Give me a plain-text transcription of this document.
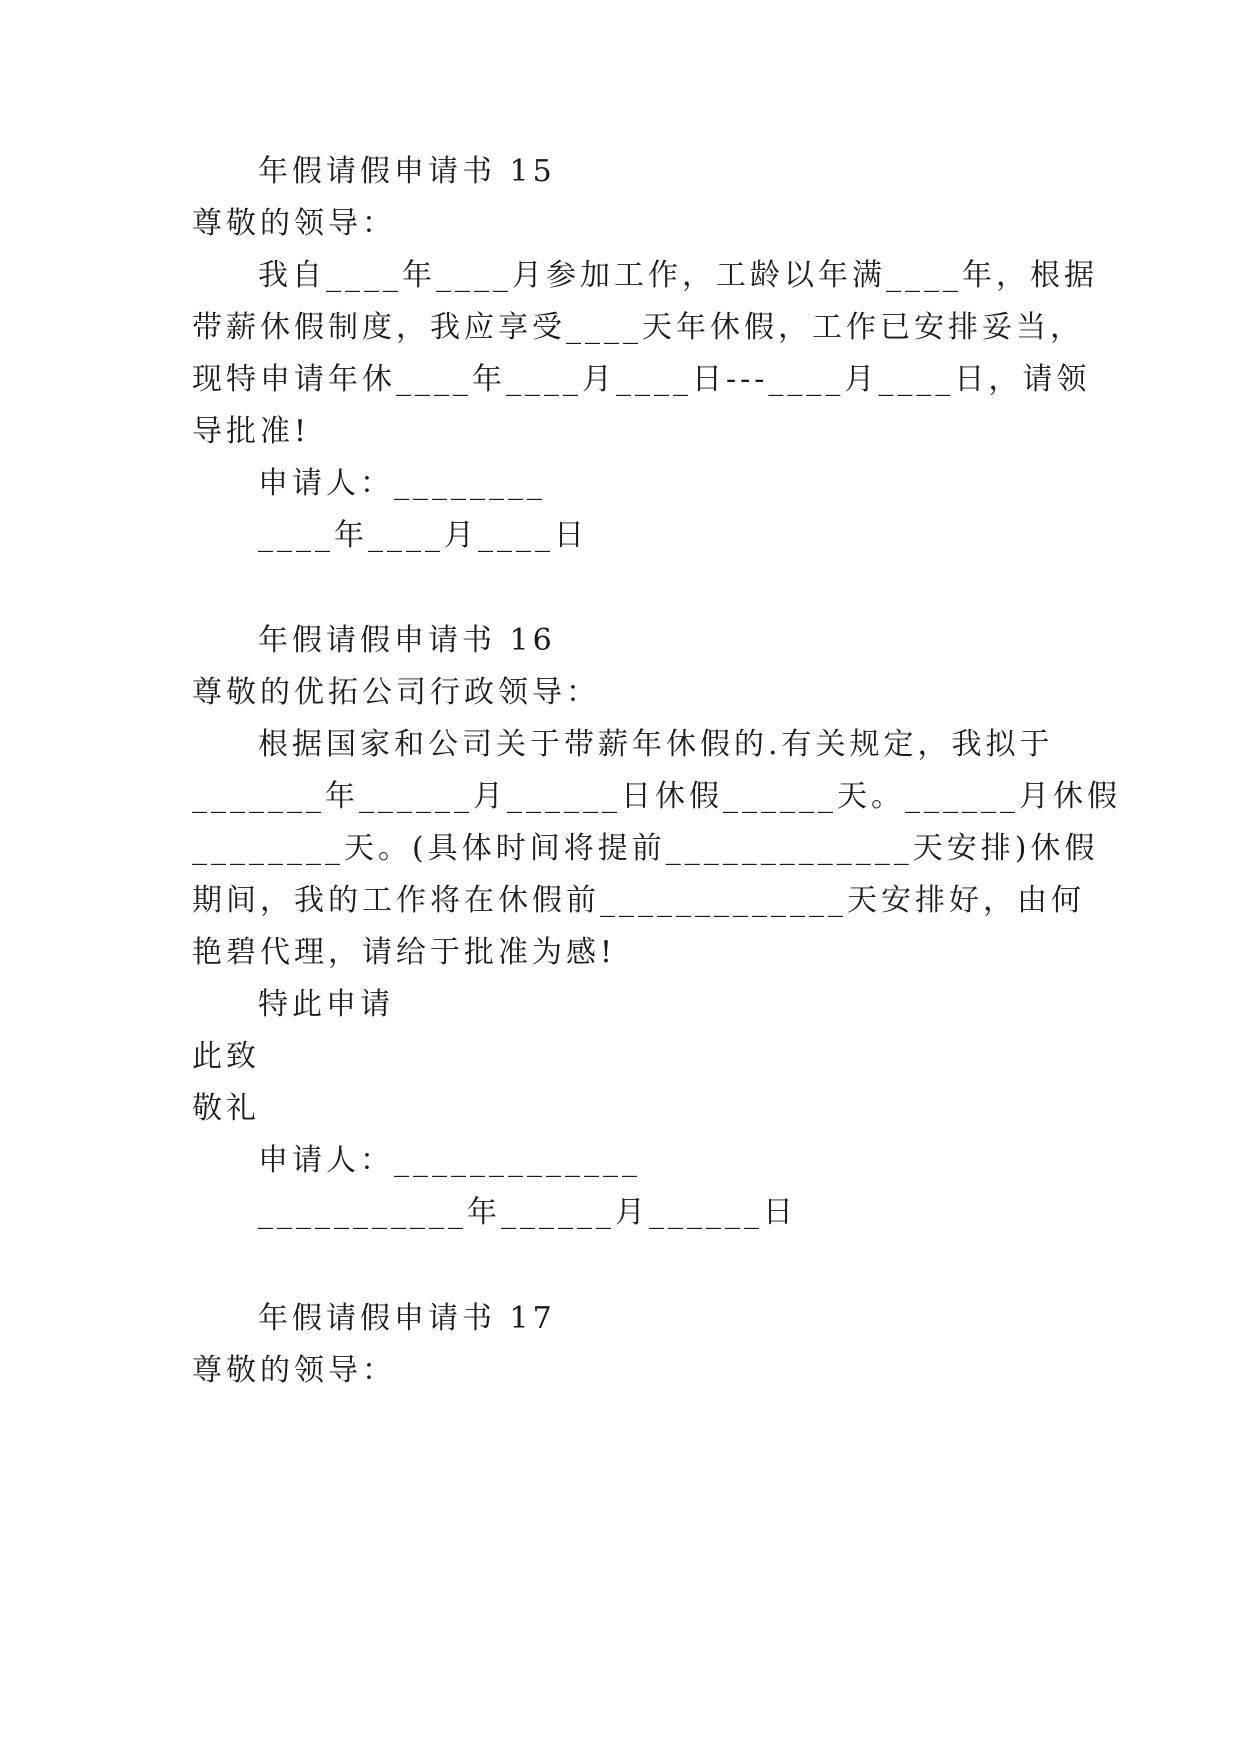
年假请假申请书 15
尊敬的领导：
我自____年____月参加工作，工龄以年满____年，根据
带薪休假制度，我应享受____天年休假，工作已安排妥当，
现特申请年休____年____月____日---____月____日，请领
导批准!
申请人：________
____年____月____日
年假请假申请书 16
尊敬的优拓公司行政领导：
根据国家和公司关于带薪年休假的.有关规定，我拟于
_______年______月______日休假______天。______月休假
________天。(具体时间将提前_____________天安排)休假
期间，我的工作将在休假前_____________天安排好，由何
艳碧代理，请给于批准为感!
特此申请
此致
敬礼
申请人：_____________
___________年______月______日
年假请假申请书 17
尊敬的领导：
